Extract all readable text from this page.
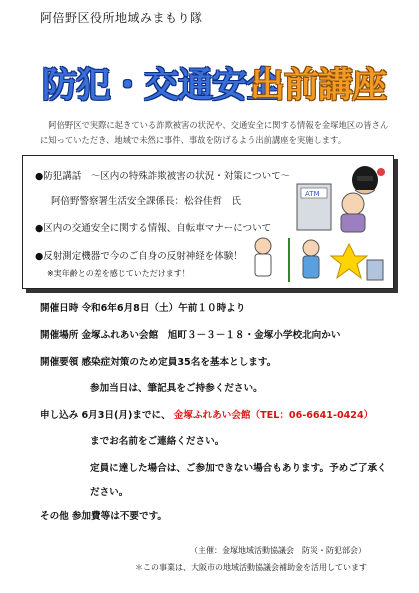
阿倍野区役所地域みまもり隊
防犯・交通安全
出前講座
阿倍野区で実際に起きている詐欺被害の状況や、交通安全に関する情報を金塚地区の皆さんに知っていただき、地域で未然に事件、事故を防げるよう出前講座を実施します。
●防犯講話　～区内の特殊詐欺被害の状況・対策について～
阿倍野警察署生活安全課係長：松谷佳哲　氏
●区内の交通安全に関する情報、自転車マナーについて
●反射測定機器で今のご自身の反射神経を体験！
※実年齢との差を感じていただけます！
ATM
開催日時 令和6年6月8日（土）午前１０時より
開催場所 金塚ふれあい会館　旭町３－３－１８・金塚小学校北向かい
開催要領 感染症対策のため定員35名を基本とします。
参加当日は、筆記具をご持参ください。
申し込み 6月3日(月)までに、 金塚ふれあい会館（TEL：06-6641-0424）
までお名前をご連絡ください。
定員に達した場合は、ご参加できない場合もあります。予めご了承く
ださい。
その他 参加費等は不要です。
（主催：金塚地域活動協議会　防災・防犯部会）
＊この事業は、大阪市の地域活動協議会補助金を活用しています
